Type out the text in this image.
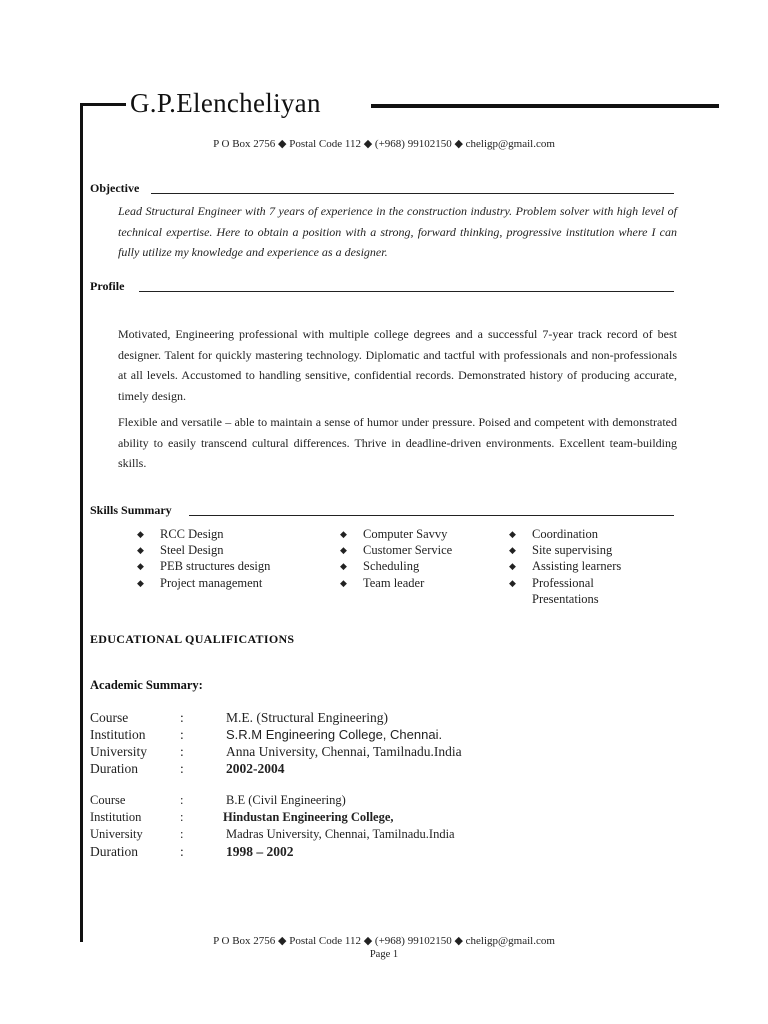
G.P.Elencheliyan
P O Box 2756 ◆ Postal Code 112 ◆ (+968) 99102150 ◆ cheligp@gmail.com
Objective
Lead Structural Engineer with 7 years of experience in the construction industry. Problem solver with high level of technical expertise. Here to obtain a position with a strong, forward thinking, progressive institution where I can fully utilize my knowledge and experience as a designer.
Profile
Motivated, Engineering professional with multiple college degrees and a successful 7-year track record of best designer. Talent for quickly mastering technology. Diplomatic and tactful with professionals and non-professionals at all levels. Accustomed to handling sensitive, confidential records. Demonstrated history of producing accurate, timely design.
Flexible and versatile – able to maintain a sense of humor under pressure. Poised and competent with demonstrated ability to easily transcend cultural differences. Thrive in deadline-driven environments. Excellent team-building skills.
Skills Summary
◆ RCC Design
◆ Steel Design
◆ PEB structures design
◆ Project management
◆ Computer Savvy
◆ Customer Service
◆ Scheduling
◆ Team leader
◆ Coordination
◆ Site supervising
◆ Assisting learners
◆ Professional Presentations
EDUCATIONAL QUALIFICATIONS
Academic Summary:
Course	:	M.E. (Structural Engineering)
Institution	:	S.R.M Engineering College, Chennai.
University :	Anna University, Chennai, Tamilnadu.India
Duration	:	2002-2004
Course	:	B.E (Civil Engineering)
Institution	:	Hindustan Engineering College,
University	:	Madras University, Chennai, Tamilnadu.India
Duration	:	1998 – 2002
P O Box 2756 ◆ Postal Code 112 ◆ (+968) 99102150 ◆ cheligp@gmail.com
Page 1
